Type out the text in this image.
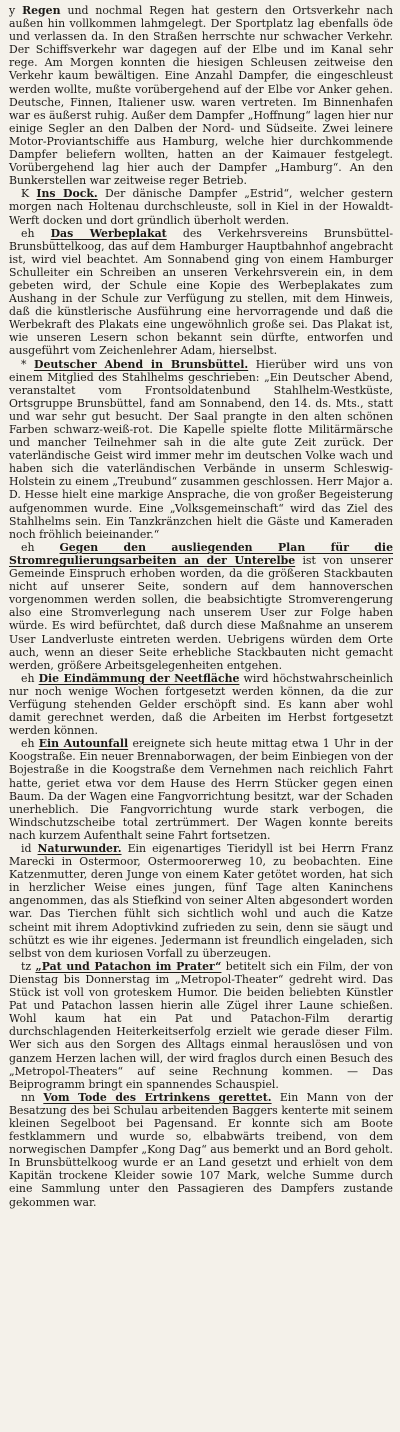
y Regen und nochmal Regen hat gestern den Ortsverkehr nach außen hin vollkommen lahmgelegt. Der Sportplatz lag ebenfalls öde und verlassen da. In den Straßen herrschte nur schwacher Verkehr. Der Schiffsverkehr war dagegen auf der Elbe und im Kanal sehr rege. Am Morgen konnten die hiesigen Schleusen zeitweise den Verkehr kaum bewältigen. Eine Anzahl Dampfer, die eingeschleust werden wollte, mußte vorübergehend auf der Elbe vor Anker gehen. Deutsche, Finnen, Italiener usw. waren vertreten. Im Binnenhafen war es äußerst ruhig. Außer dem Dampfer „Hoffnung“ lagen hier nur einige Segler an den Dalben der Nord- und Südseite. Zwei leinere Motor-Proviantschiffe aus Hamburg, welche hier durchkommende Dampfer beliefern wollten, hatten an der Kaimauer festgelegt. Vorübergehend lag hier auch der Dampfer „Hamburg“. An den Bunkerstellen war zeitweise reger Betrieb.

K Ins Dock. Der dänische Dampfer „Estrid“, welcher gestern morgen nach Holtenau durchschleuste, soll in Kiel in der Howaldt-Werft docken und dort gründlich überholt werden.

eh Das Werbeplakat des Verkehrsvereins Brunsbüttel-Brunsbüttelkoog, das auf dem Hamburger Hauptbahnhof angebracht ist, wird viel beachtet. Am Sonnabend ging von einem Hamburger Schulleiter ein Schreiben an unseren Verkehrsverein ein, in dem gebeten wird, der Schule eine Kopie des Werbeplakates zum Aushang in der Schule zur Verfügung zu stellen, mit dem Hinweis, daß die künstlerische Ausführung eine hervorragende und daß die Werbekraft des Plakats eine ungewöhnlich große sei. Das Plakat ist, wie unseren Lesern schon bekannt sein dürfte, entworfen und ausgeführt vom Zeichenlehrer Adam, hierselbst.

* Deutscher Abend in Brunsbüttel. Hierüber wird uns von einem Mitglied des Stahlhelms geschrieben: „Ein Deutscher Abend, veranstaltet vom Frontsoldatenbund Stahlhelm-Westküste, Ortsgruppe Brunsbüttel, fand am Sonnabend, den 14. ds. Mts., statt und war sehr gut besucht. Der Saal prangte in den alten schönen Farben schwarz-weiß-rot. Die Kapelle spielte flotte Militärmärsche und mancher Teilnehmer sah in die alte gute Zeit zurück. Der vaterländische Geist wird immer mehr im deutschen Volke wach und haben sich die vaterländischen Verbände in unserm Schleswig-Holstein zu einem „Treubund“ zusammen geschlossen. Herr Major a. D. Hesse hielt eine markige Ansprache, die von großer Begeisterung aufgenommen wurde. Eine „Volksgemeinschaft“ wird das Ziel des Stahlhelms sein. Ein Tanzkränzchen hielt die Gäste und Kameraden noch fröhlich beieinander.“

eh Gegen den ausliegenden Plan für die Stromregulierungsarbeiten an der Unterelbe ist von unserer Gemeinde Einspruch erhoben worden, da die größeren Stackbauten nicht auf unserer Seite, sondern auf dem hannoverschen vorgenommen werden sollen, die beabsichtigte Stromverengerung also eine Stromverlegung nach unserem User zur Folge haben würde. Es wird befürchtet, daß durch diese Maßnahme an unserem User Landverluste eintreten werden. Uebrigens würden dem Orte auch, wenn an dieser Seite erhebliche Stackbauten nicht gemacht werden, größere Arbeitsgelegenheiten entgehen.

eh Die Eindämmung der Neetfläche wird höchstwahrscheinlich nur noch wenige Wochen fortgesetzt werden können, da die zur Verfügung stehenden Gelder erschöpft sind. Es kann aber wohl damit gerechnet werden, daß die Arbeiten im Herbst fortgesetzt werden können.

eh Ein Autounfall ereignete sich heute mittag etwa 1 Uhr in der Koogstraße. Ein neuer Brennaborwagen, der beim Einbiegen von der Bojestraße in die Koogstraße dem Vernehmen nach reichlich Fahrt hatte, geriet etwa vor dem Hause des Herrn Stücker gegen einen Baum. Da der Wagen eine Fangvorrichtung besitzt, war der Schaden unerheblich. Die Fangvorrichtung wurde stark verbogen, die Windschutzscheibe total zertrümmert. Der Wagen konnte bereits nach kurzem Aufenthalt seine Fahrt fortsetzen.

id Naturwunder. Ein eigenartiges Tieridyll ist bei Herrn Franz Marecki in Ostermoor, Ostermoorerweg 10, zu beobachten. Eine Katzenmutter, deren Junge von einem Kater getötet worden, hat sich in herzlicher Weise eines jungen, fünf Tage alten Kaninchens angenommen, das als Stiefkind von seiner Alten abgesondert worden war. Das Tierchen fühlt sich sichtlich wohl und auch die Katze scheint mit ihrem Adoptivkind zufrieden zu sein, denn sie säugt und schützt es wie ihr eigenes. Jedermann ist freundlich eingeladen, sich selbst von dem kuriosen Vorfall zu überzeugen.

tz „Pat und Patachon im Prater“ betitelt sich ein Film, der von Dienstag bis Donnerstag im „Metropol-Theater“ gedreht wird. Das Stück ist voll von groteskem Humor. Die beiden beliebten Künstler Pat und Patachon lassen hierin alle Zügel ihrer Laune schießen. Wohl kaum hat ein Pat und Patachon-Film derartig durchschlagenden Heiterkeitserfolg erzielt wie gerade dieser Film. Wer sich aus den Sorgen des Alltags einmal herauslösen und von ganzem Herzen lachen will, der wird fraglos durch einen Besuch des „Metropol-Theaters“ auf seine Rechnung kommen. — Das Beiprogramm bringt ein spannendes Schauspiel.

nn Vom Tode des Ertrinkens gerettet. Ein Mann von der Besatzung des bei Schulau arbeitenden Baggers kenterte mit seinem kleinen Segelboot bei Pagensand. Er konnte sich am Boote festklammern und wurde so, elbabwärts treibend, von dem norwegischen Dampfer „Kong Dag“ aus bemerkt und an Bord geholt. In Brunsbüttelkoog wurde er an Land gesetzt und erhielt von dem Kapitän trockene Kleider sowie 107 Mark, welche Summe durch eine Sammlung unter den Passagieren des Dampfers zustande gekommen war.
